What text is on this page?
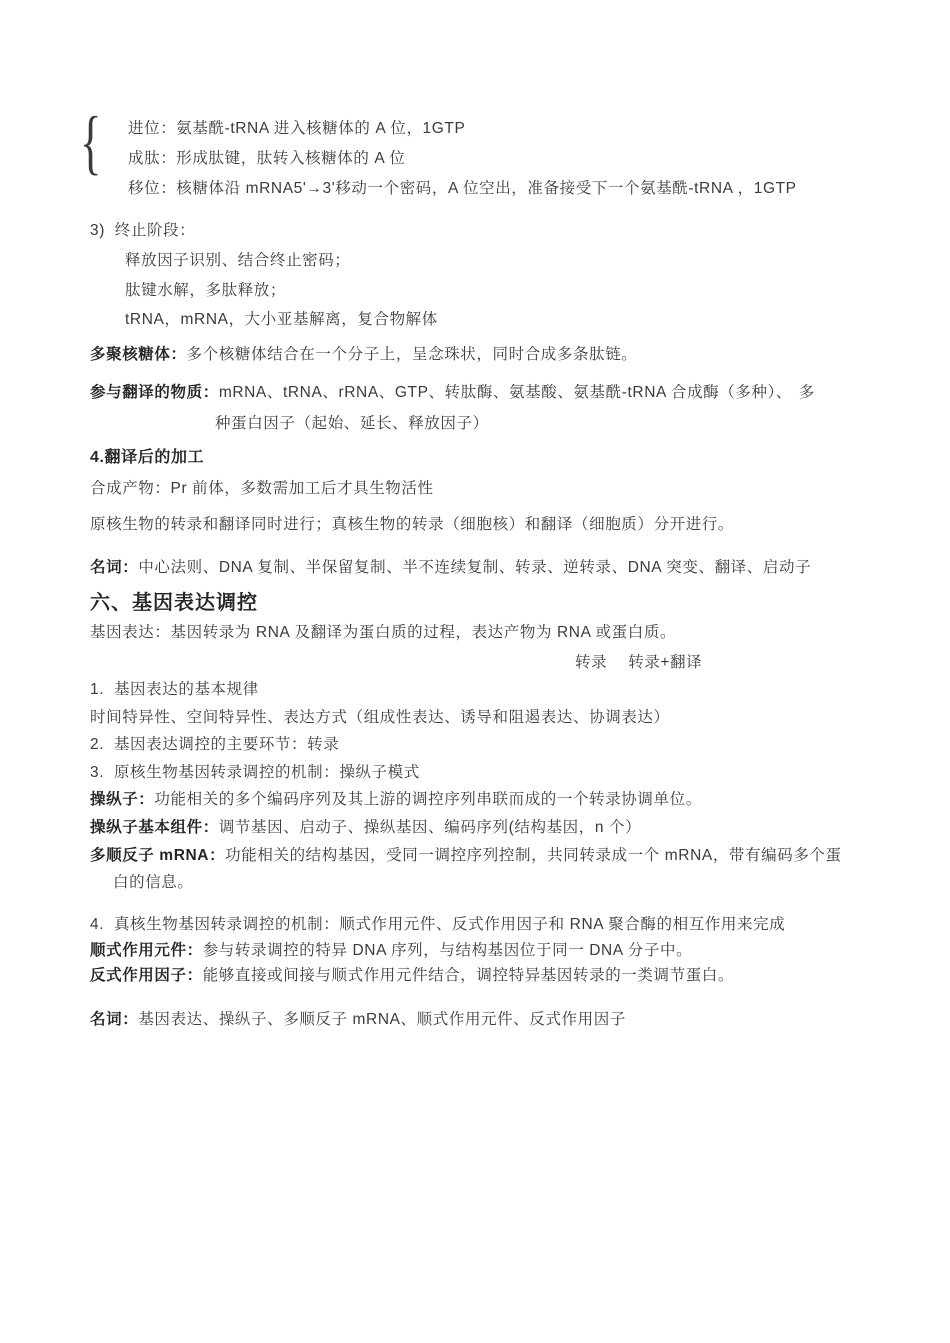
{ 进位：氨基酰-tRNA 进入核糖体的 A 位，1GTP
成肽：形成肽键，肽转入核糖体的 A 位
移位：核糖体沿 mRNA5'→3'移动一个密码，A 位空出，准备接受下一个氨基酰-tRNA ，1GTP
3)  终止阶段：
释放因子识别、结合终止密码；
肽键水解，多肽释放；
tRNA，mRNA，大小亚基解离，复合物解体
多聚核糖体：多个核糖体结合在一个分子上，呈念珠状，同时合成多条肽链。
参与翻译的物质：mRNA、tRNA、rRNA、GTP、转肽酶、氨基酸、氨基酰-tRNA 合成酶（多种）、 多
种蛋白因子（起始、延长、释放因子）
4.翻译后的加工
合成产物：Pr 前体，多数需加工后才具生物活性
原核生物的转录和翻译同时进行；真核生物的转录（细胞核）和翻译（细胞质）分开进行。
名词：中心法则、DNA 复制、半保留复制、半不连续复制、转录、逆转录、DNA 突变、翻译、启动子
六、基因表达调控
基因表达：基因转录为 RNA 及翻译为蛋白质的过程，表达产物为 RNA 或蛋白质。
转录　 转录+翻译
1.  基因表达的基本规律
时间特异性、空间特异性、表达方式（组成性表达、诱导和阻遏表达、协调表达）
2.  基因表达调控的主要环节：转录
3.  原核生物基因转录调控的机制：操纵子模式
操纵子：功能相关的多个编码序列及其上游的调控序列串联而成的一个转录协调单位。
操纵子基本组件：调节基因、启动子、操纵基因、编码序列(结构基因，n 个）
多顺反子 mRNA：功能相关的结构基因，受同一调控序列控制，共同转录成一个 mRNA，带有编码多个蛋
白的信息。
4.  真核生物基因转录调控的机制：顺式作用元件、反式作用因子和 RNA 聚合酶的相互作用来完成
顺式作用元件：参与转录调控的特异 DNA 序列，与结构基因位于同一 DNA 分子中。
反式作用因子：能够直接或间接与顺式作用元件结合，调控特异基因转录的一类调节蛋白。
名词：基因表达、操纵子、多顺反子 mRNA、顺式作用元件、反式作用因子
